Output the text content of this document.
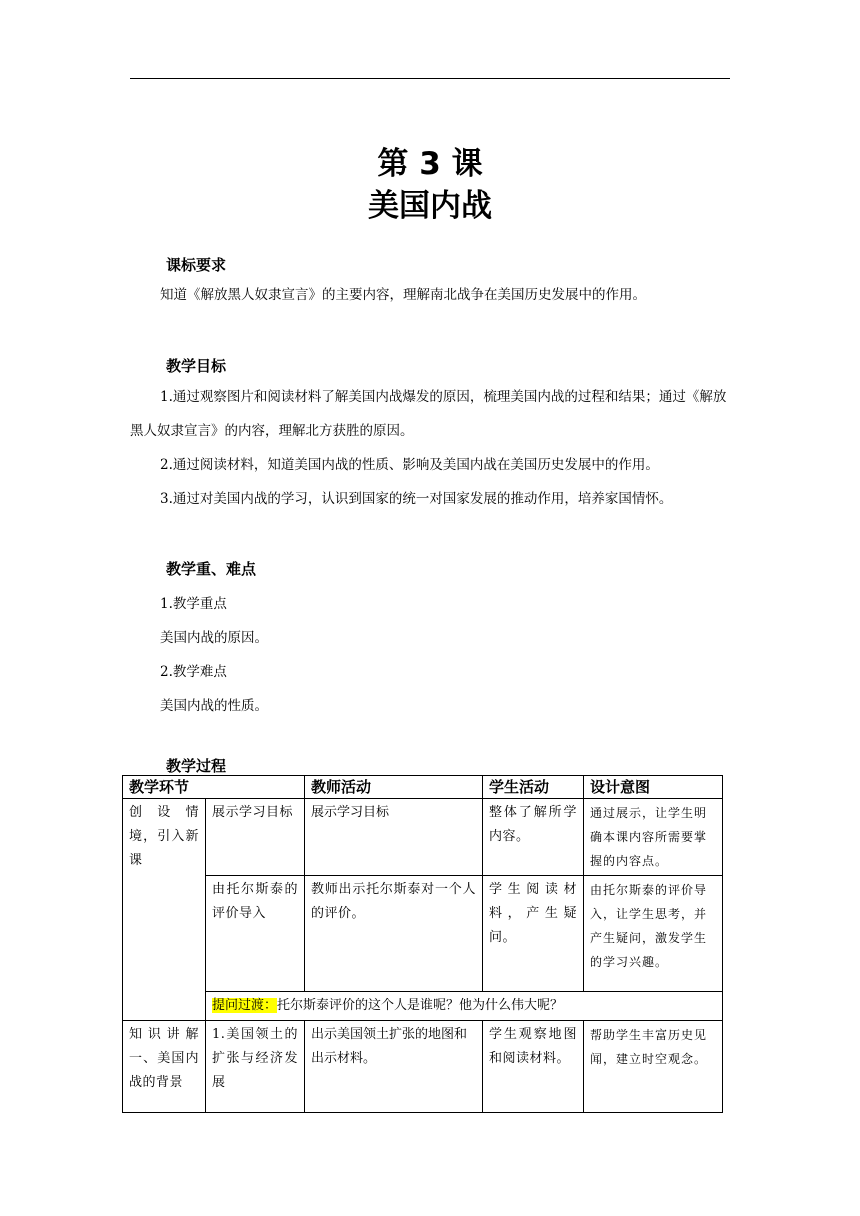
第 3 课
美国内战
课标要求
知道《解放黑人奴隶宣言》的主要内容，理解南北战争在美国历史发展中的作用。
教学目标
1.通过观察图片和阅读材料了解美国内战爆发的原因，梳理美国内战的过程和结果；通过《解放黑人奴隶宣言》的内容，理解北方获胜的原因。
2.通过阅读材料，知道美国内战的性质、影响及美国内战在美国历史发展中的作用。
3.通过对美国内战的学习，认识到国家的统一对国家发展的推动作用，培养家国情怀。
教学重、难点
1.教学重点
美国内战的原因。
2.教学难点
美国内战的性质。
教学过程
教学环节		教师活动	学生活动	设计意图
创 设 情境，引入新课	展示学习目标	展示学习目标	整体了解所学内容。	通过展示，让学生明确本课内容所需要掌握的内容点。
	由托尔斯泰的评价导入	教师出示托尔斯泰对一个人的评价。	学生阅读材料，产生疑问。	由托尔斯泰的评价导入，让学生思考，并产生疑问，激发学生的学习兴趣。
	提问过渡：托尔斯泰评价的这个人是谁呢？他为什么伟大呢？			
知识讲解一、美国内战的背景	1.美国领土的扩张与经济发展	出示美国领土扩张的地图和出示材料。	学生观察地图和阅读材料。	帮助学生丰富历史见闻，建立时空观念。
